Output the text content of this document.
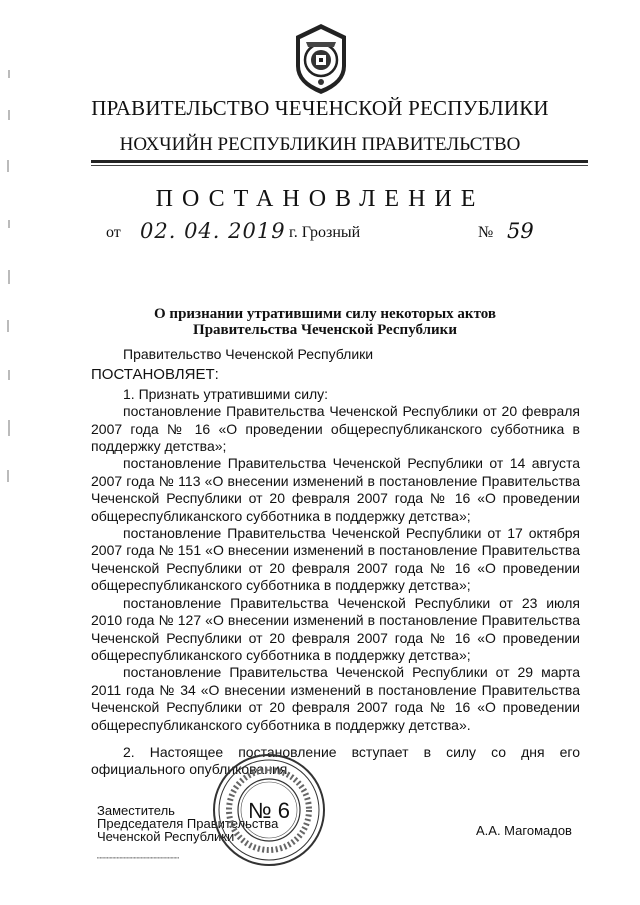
ПРАВИТЕЛЬСТВО ЧЕЧЕНСКОЙ РЕСПУБЛИКИ
НОХЧИЙН РЕСПУБЛИКИН ПРАВИТЕЛЬСТВО
ПОСТАНОВЛЕНИЕ
от 02. 04. 2019 г. Грозный	№ 59
О признании утратившими силу некоторых актов
Правительства Чеченской Республики

Правительство Чеченской Республики

ПОСТАНОВЛЯЕТ:

1. Признать утратившими силу:

постановление Правительства Чеченской Республики от 20 февраля 2007 года № 16 «О проведении общереспубликанского субботника в поддержку детства»;

постановление Правительства Чеченской Республики от 14 августа 2007 года № 113 «О внесении изменений в постановление Правительства Чеченской Республики от 20 февраля 2007 года № 16 «О проведении общереспубликанского субботника в поддержку детства»;

постановление Правительства Чеченской Республики от 17 октября 2007 года № 151 «О внесении изменений в постановление Правительства Чеченской Республики от 20 февраля 2007 года № 16 «О проведении общереспубликанского субботника в поддержку детства»;

постановление Правительства Чеченской Республики от 23 июля 2010 года № 127 «О внесении изменений в постановление Правительства Чеченской Республики от 20 февраля 2007 года № 16 «О проведении общереспубликанского субботника в поддержку детства»;

постановление Правительства Чеченской Республики от 29 марта 2011 года № 34 «О внесении изменений в постановление Правительства Чеченской Республики от 20 февраля 2007 года № 16 «О проведении общереспубликанского субботника в поддержку детства».

2. Настоящее постановление вступает в силу со дня его официального опубликования.

Заместитель
Председателя Правительства
Чеченской Республики	А.А. Магомадов
№ 6
▪▪▪▪▪▪▪▪▪▪▪▪▪▪▪▪▪▪▪▪▪▪▪▪▪▪▪▪▪▪▪▪▪▪▪▪▪▪▪▪▪▪▪▪▪▪▪▪▪▪▪▪▪▪▪▪▪▪
